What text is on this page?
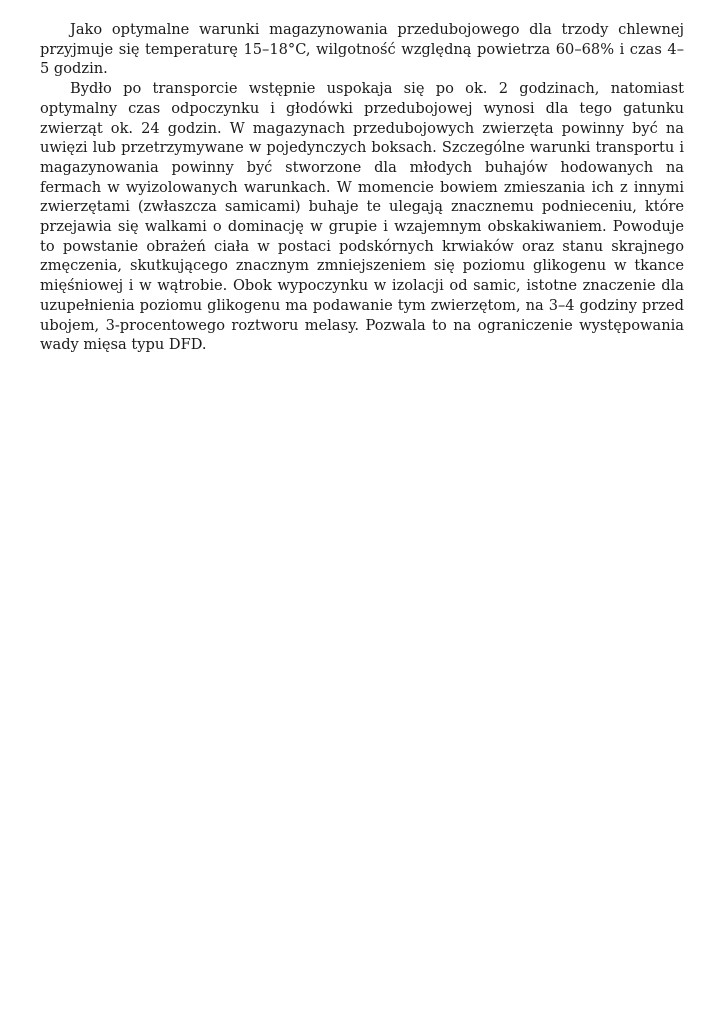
Jako optymalne warunki magazynowania przedubojowego dla trzody chlewnej przyjmuje się temperaturę 15–18°C, wilgotność względną powietrza 60–68% i czas 4–5 godzin.

Bydło po transporcie wstępnie uspokaja się po ok. 2 godzinach, natomiast optymalny czas odpoczynku i głodówki przedubojowej wynosi dla tego gatunku zwierząt ok. 24 godzin. W magazynach przedubojowych zwierzęta powinny być na uwięzi lub przetrzymywane w pojedynczych boksach. Szczególne warunki transportu i magazynowania powinny być stworzone dla młodych buhajów hodowanych na fermach w wyizolowanych warunkach. W momencie bowiem zmieszania ich z innymi zwierzętami (zwłaszcza samicami) buhaje te ulegają znacznemu podnieceniu, które przejawia się walkami o dominację w grupie i wzajemnym obskakiwaniem. Powoduje to powstanie obrażeń ciała w postaci podskórnych krwiaków oraz stanu skrajnego zmęczenia, skutkującego znacznym zmniejszeniem się poziomu glikogenu w tkance mięśniowej i w wątrobie. Obok wypoczynku w izolacji od samic, istotne znaczenie dla uzupełnienia poziomu glikogenu ma podawanie tym zwierzętom, na 3–4 godziny przed ubojem, 3-procentowego roztworu melasy. Pozwala to na ograniczenie występowania wady mięsa typu DFD.
